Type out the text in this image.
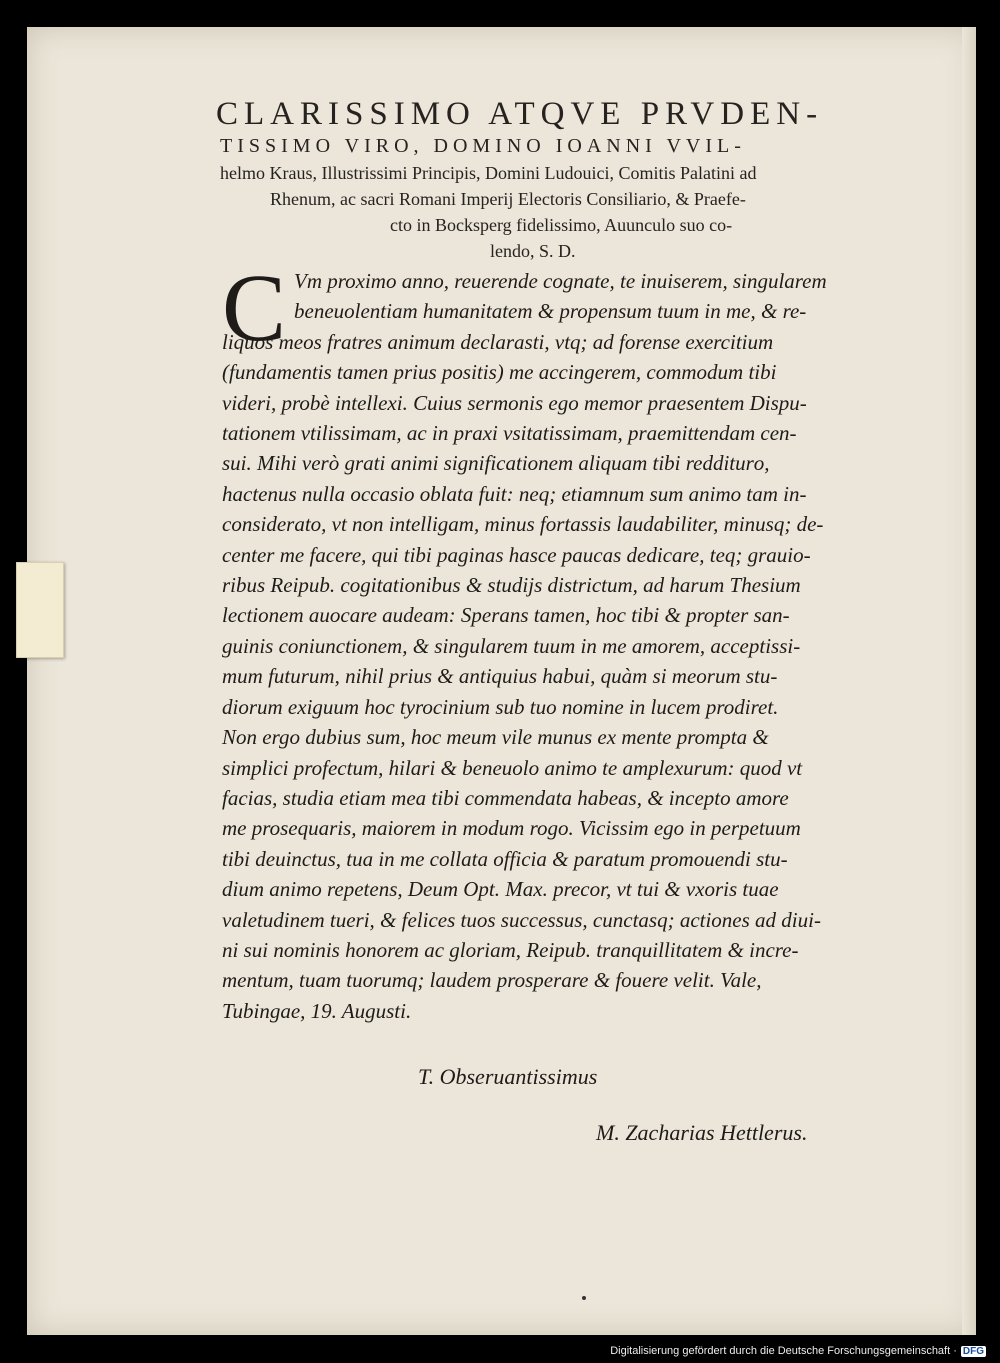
CLARISSIMO ATQVE PRVDEN-
TISSIMO VIRO, DOMINO IOANNI VVIL-
helmo Kraus, Illustrissimi Principis, Domini Ludouici, Comitis Palatini ad
Rhenum, ac sacri Romani Imperij Electoris Consiliario, & Praefe-
cto in Bocksperg fidelissimo, Auunculo suo co-
lendo, S. D.
C Vm proximo anno, reuerende cognate, te inuiserem, singularem
beneuolentiam humanitatem & propensum tuum in me, & re-
liquos meos fratres animum declarasti, vtq; ad forense exercitium
(fundamentis tamen prius positis) me accingerem, commodum tibi
videri, probè intellexi. Cuius sermonis ego memor praesentem Dispu-
tationem vtilissimam, ac in praxi vsitatissimam, praemittendam cen-
sui. Mihi verò grati animi significationem aliquam tibi redditurо,
hactenus nulla occasio oblata fuit: neq; etiamnum sum animo tam in-
considerato, vt non intelligam, minus fortassis laudabiliter, minusq; de-
center me facere, qui tibi paginas hasce paucas dedicare, teq; grauio-
ribus Reipub. cogitationibus & studijs districtum, ad harum Thesium
lectionem auocare audeam: Sperans tamen, hoc tibi & propter san-
guinis coniunctionem, & singularem tuum in me amorem, acceptissi-
mum futurum, nihil prius & antiquius habui, quàm si meorum stu-
diorum exiguum hoc tyrocinium sub tuo nomine in lucem prodiret.
Non ergo dubius sum, hoc meum vile munus ex mente prompta &
simplici profectum, hilari & beneuolo animo te amplexurum: quod vt
facias, studia etiam mea tibi commendata habeas, & incepto amore
me prosequaris, maiorem in modum rogo. Vicissim ego in perpetuum
tibi deuinctus, tua in me collata officia & paratum promouendi stu-
dium animo repetens, Deum Opt. Max. precor, vt tui & vxoris tuae
valetudinem tueri, & felices tuos successus, cunctasq; actiones ad diui-
ni sui nominis honorem ac gloriam, Reipub. tranquillitatem & incre-
mentum, tuam tuorumq; laudem prosperare & fouere velit. Vale,
Tubingae, 19. Augusti.
T. Obseruantissimus
M. Zacharias Hettlerus.
Digitalisierung gefördert durch die Deutsche Forschungsgemeinschaft · DFG
